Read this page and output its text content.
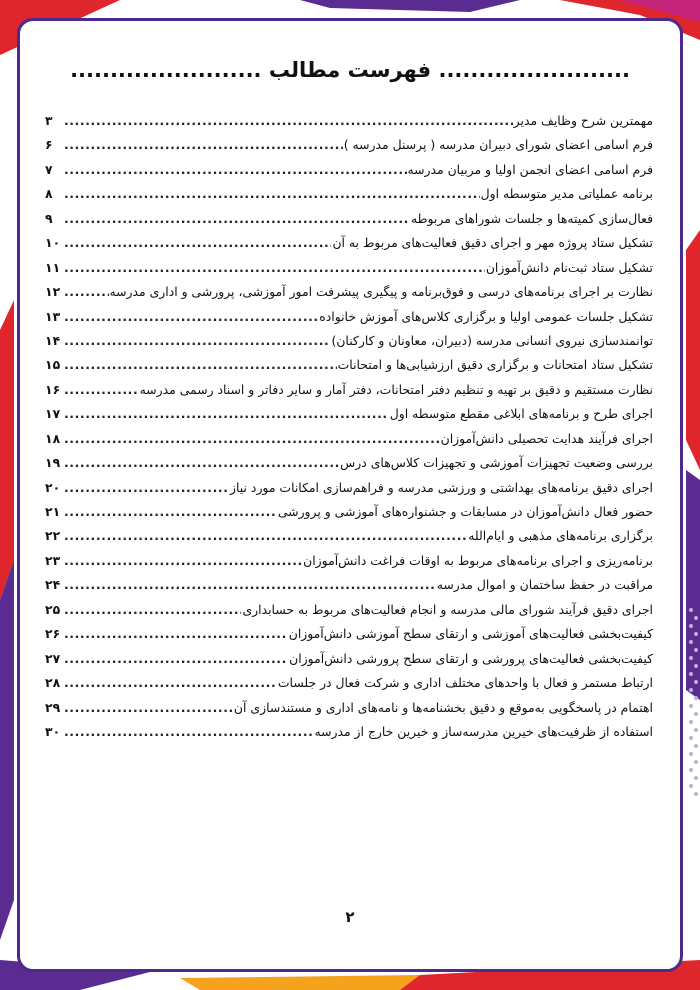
........................ فهرست مطالب ........................
مهمترین شرح وظایف مدیر
.....
۳
فرم اسامی اعضای شورای دبیران مدرسه ( پرسنل مدرسه )
.....
۶
فرم اسامی اعضای انجمن اولیا و مربیان مدرسه
.....
۷
برنامه عملیاتی مدیر متوسطه اول
.....
۸
فعال‌سازی کمیته‌ها و جلسات شوراهای مربوطه
.....
۹
تشکیل ستاد پروژه مهر و اجرای دقیق فعالیت‌های مربوط به آن
.....
۱۰
تشکیل ستاد ثبت‌نام دانش‌آموزان
.....
۱۱
نظارت بر اجرای برنامه‌های درسی و فوق‌برنامه و پیگیری پیشرفت امور آموزشی، پرورشی و اداری مدرسه
.....
۱۲
تشکیل جلسات عمومی اولیا و برگزاری کلاس‌های آموزش خانواده
.....
۱۳
توانمندسازی نیروی انسانی مدرسه (دبیران، معاونان و کارکنان)
.....
۱۴
تشکیل ستاد امتحانات و برگزاری دقیق ارزشیابی‌ها و امتحانات
.....
۱۵
نظارت مستقیم و دقیق بر تهیه و تنظیم دفتر امتحانات، دفتر آمار و سایر دفاتر و اسناد رسمی مدرسه
.....
۱۶
اجرای طرح و برنامه‌های ابلاغی مقطع متوسطه اول
.....
۱۷
اجرای فرآیند هدایت تحصیلی دانش‌آموزان
.....
۱۸
بررسی وضعیت تجهیزات آموزشی و تجهیزات کلاس‌های درس
.....
۱۹
اجرای دقیق برنامه‌های بهداشتی و ورزشی مدرسه و فراهم‌سازی امکانات مورد نیاز
.....
۲۰
حضور فعال دانش‌آموزان در مسابقات و جشنواره‌های آموزشی و پرورشی
.....
۲۱
برگزاری برنامه‌های مذهبی و ایام‌الله
.....
۲۲
برنامه‌ریزی و اجرای برنامه‌های مربوط به اوقات فراغت دانش‌آموزان
.....
۲۳
مراقبت در حفظ ساختمان و اموال مدرسه
.....
۲۴
اجرای دقیق فرآیند شورای مالی مدرسه و انجام فعالیت‌های مربوط به حسابداری
.....
۲۵
کیفیت‌بخشی فعالیت‌های آموزشی و ارتقای سطح آموزشی دانش‌آموزان
.....
۲۶
کیفیت‌بخشی فعالیت‌های پرورشی و ارتقای سطح پرورشی دانش‌آموزان
.....
۲۷
ارتباط مستمر و فعال با واحدهای مختلف اداری و شرکت فعال در جلسات
.....
۲۸
اهتمام در پاسخگویی به‌موقع و دقیق بخشنامه‌ها و نامه‌های اداری و مستندسازی آن
.....
۲۹
استفاده از ظرفیت‌های خیرین مدرسه‌ساز و خیرین خارج از مدرسه
.....
۳۰
۲
